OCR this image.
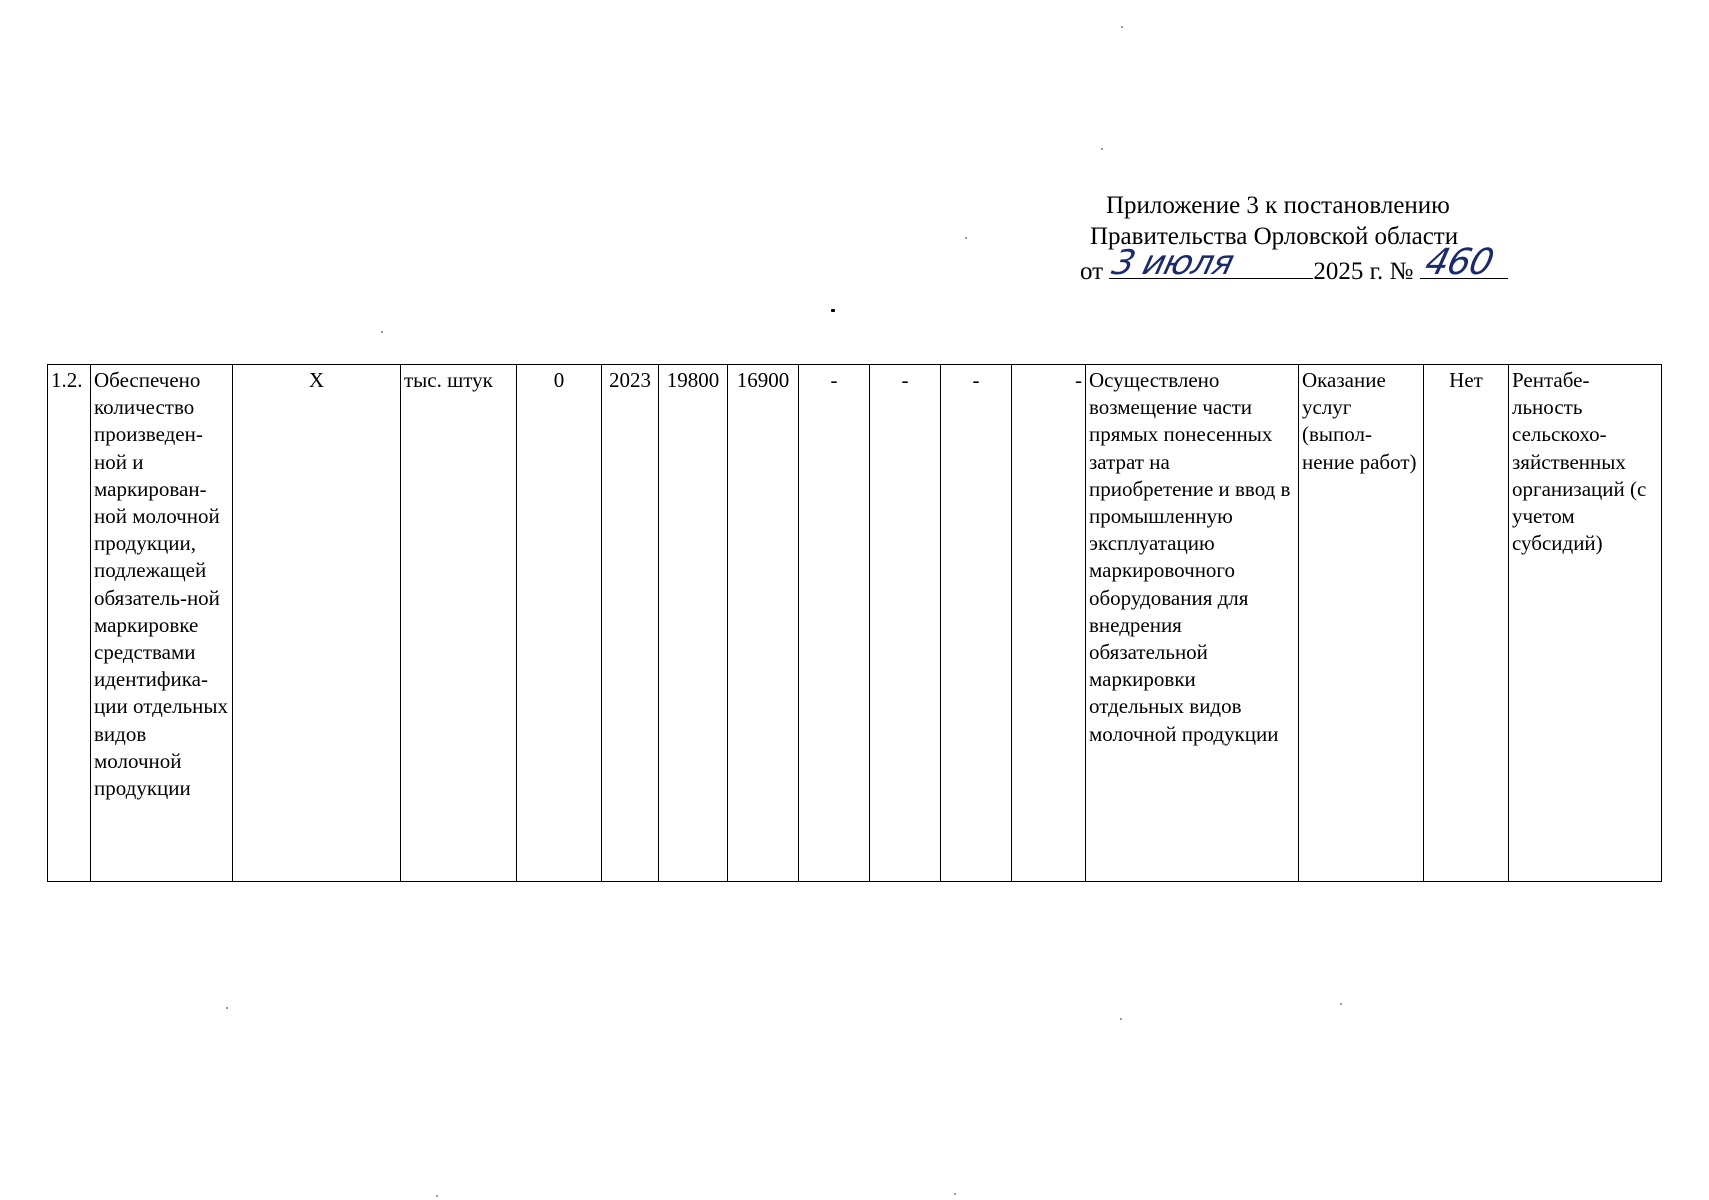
Приложение 3 к постановлению
Правительства Орловской области
от 3 июля	2025 г. № 460
1.2.	Обеспечено количество произведен-ной и маркирован-ной молочной продукции, подлежащей обязатель-ной маркировке средствами идентифика-ции отдельных видов молочной продукции	Х	тыс. штук	0	2023	19800	16900	-	-	-	-	Осуществлено возмещение части прямых понесенных затрат на приобретение и ввод в промышленную эксплуатацию маркировочного оборудования для внедрения обязательной маркировки отдельных видов молочной продукции	Оказание услуг (выпол-нение работ)	Нет	Рентабе-льность сельскохо-зяйственных организаций (с учетом субсидий)
